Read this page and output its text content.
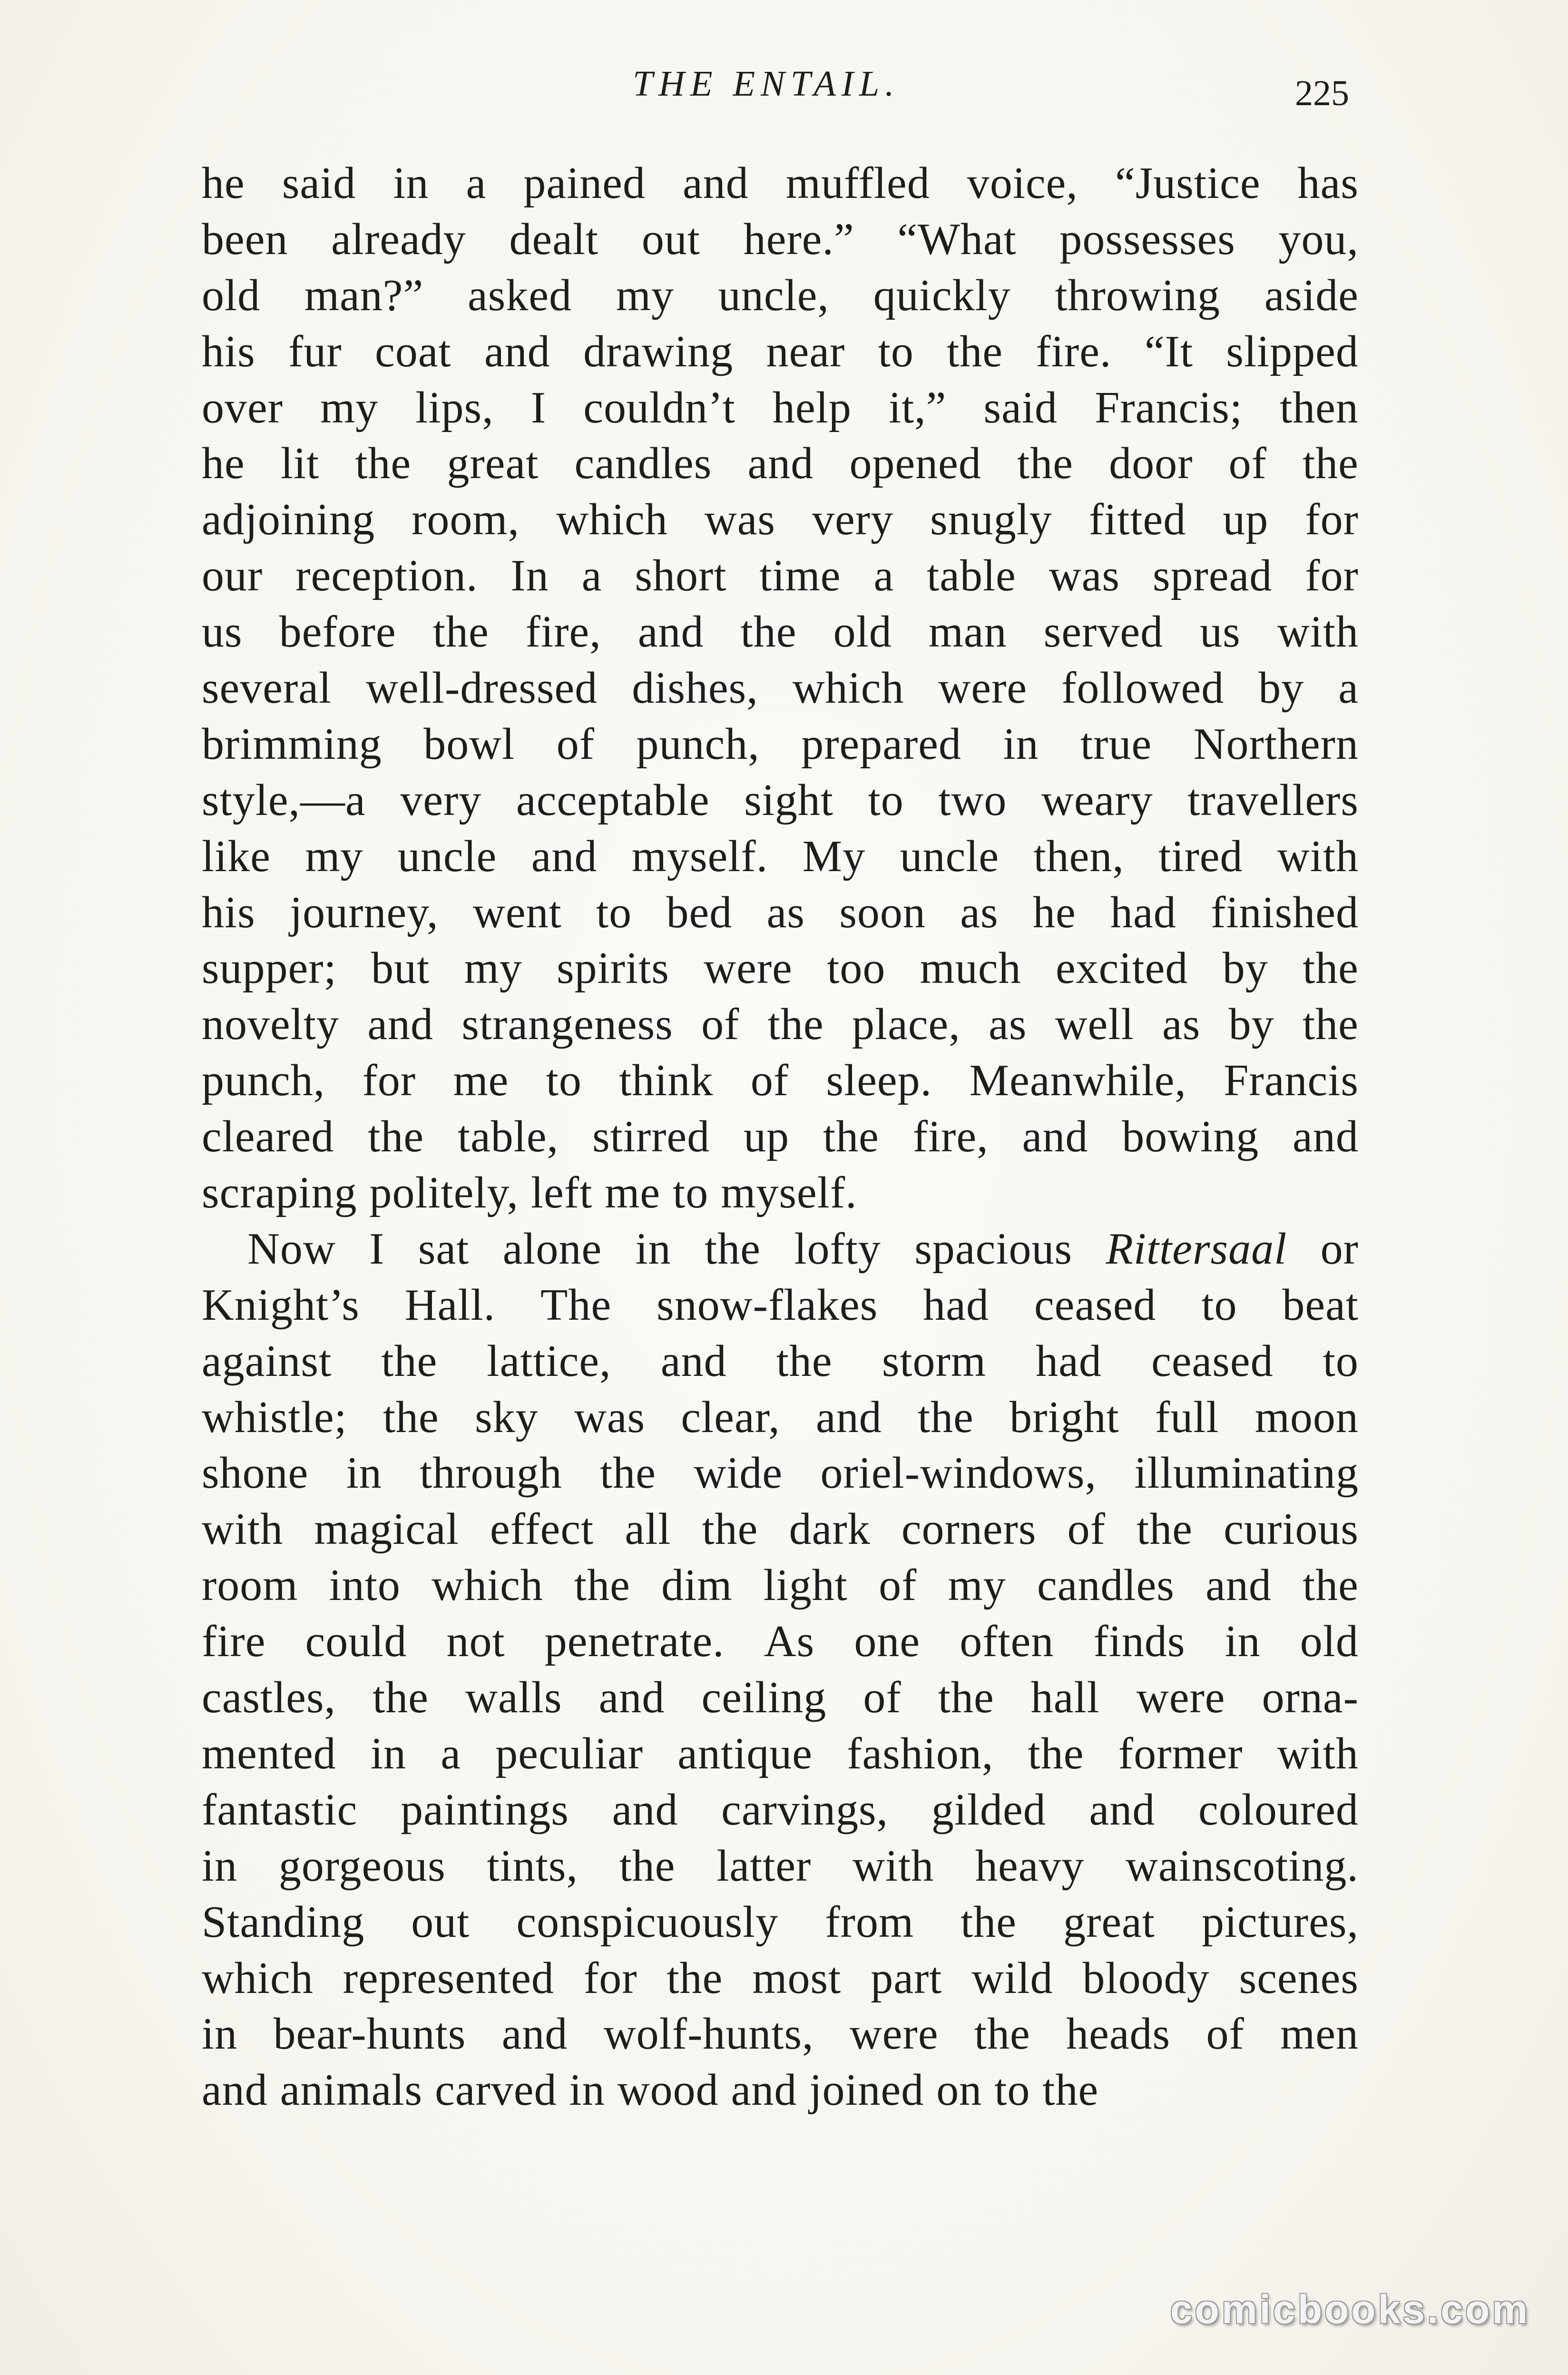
THE ENTAIL.	225
he said in a pained and muffled voice, “Justice has
been already dealt out here.” “What possesses you,
old man?” asked my uncle, quickly throwing aside
his fur coat and drawing near to the fire. “It slipped
over my lips, I couldn’t help it,” said Francis; then
he lit the great candles and opened the door of the
adjoining room, which was very snugly fitted up for
our reception. In a short time a table was spread for
us before the fire, and the old man served us with
several well-dressed dishes, which were followed by a
brimming bowl of punch, prepared in true Northern
style,—a very acceptable sight to two weary travellers
like my uncle and myself. My uncle then, tired with
his journey, went to bed as soon as he had finished
supper; but my spirits were too much excited by the
novelty and strangeness of the place, as well as by the
punch, for me to think of sleep. Meanwhile, Francis
cleared the table, stirred up the fire, and bowing and
scraping politely, left me to myself.
Now I sat alone in the lofty spacious Rittersaal or
Knight’s Hall. The snow-flakes had ceased to beat
against the lattice, and the storm had ceased to
whistle; the sky was clear, and the bright full moon
shone in through the wide oriel-windows, illuminating
with magical effect all the dark corners of the curious
room into which the dim light of my candles and the
fire could not penetrate. As one often finds in old
castles, the walls and ceiling of the hall were orna-
mented in a peculiar antique fashion, the former with
fantastic paintings and carvings, gilded and coloured
in gorgeous tints, the latter with heavy wainscoting.
Standing out conspicuously from the great pictures,
which represented for the most part wild bloody scenes
in bear-hunts and wolf-hunts, were the heads of men
and animals carved in wood and joined on to the
comicbooks.com
